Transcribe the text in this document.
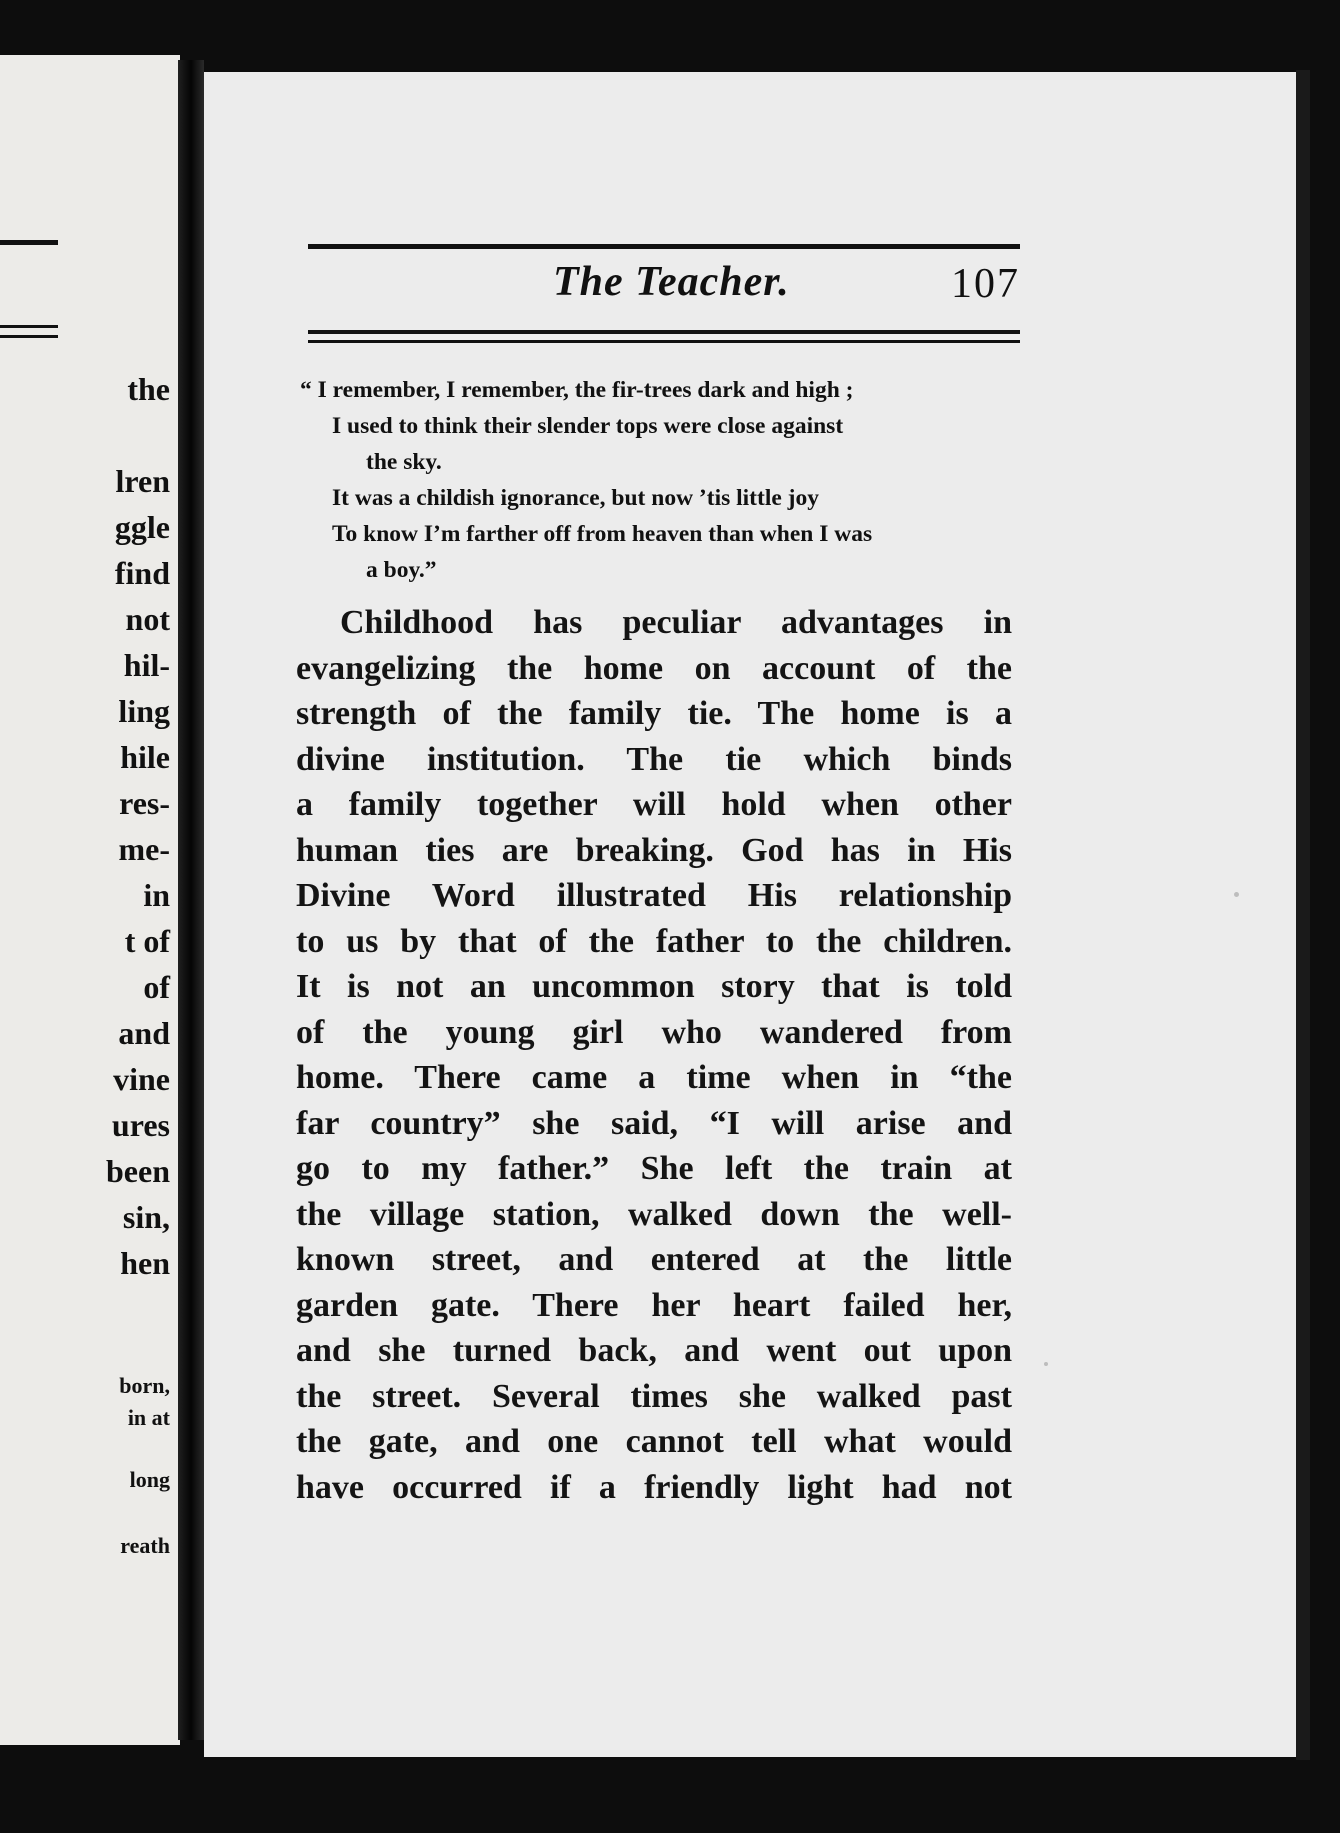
the
lren
ggle
find
not
hil-
ling
hile
res-
me-
in
t of
of
and
vine
ures
been
sin,
hen
born,
in at
long
reath
The Teacher.	107
“ I remember, I remember, the fir-trees dark and high ;
I used to think their slender tops were close against
the sky.
It was a childish ignorance, but now ’tis little joy
To know I’m farther off from heaven than when I was
a boy.”
Childhood has peculiar advantages in
evangelizing the home on account of the
strength of the family tie. The home is a
divine institution. The tie which binds
a family together will hold when other
human ties are breaking. God has in His
Divine Word illustrated His relationship
to us by that of the father to the children.
It is not an uncommon story that is told
of the young girl who wandered from
home. There came a time when in “the
far country” she said, “I will arise and
go to my father.” She left the train at
the village station, walked down the well-
known street, and entered at the little
garden gate. There her heart failed her,
and she turned back, and went out upon
the street. Several times she walked past
the gate, and one cannot tell what would
have occurred if a friendly light had not
